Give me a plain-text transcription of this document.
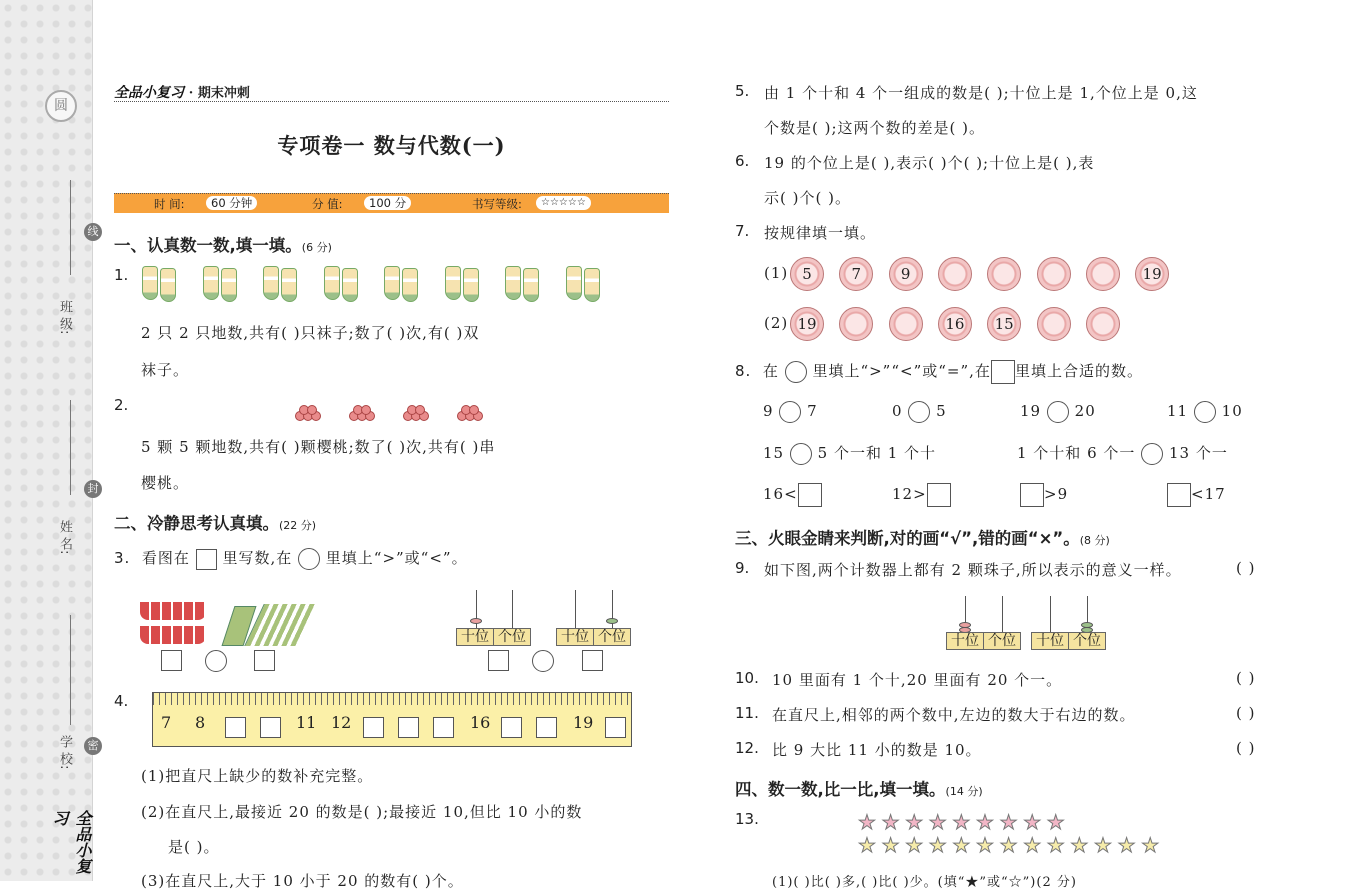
圆
班 级:
姓 名:
学 校:
全品小复习
线
封
密
全品小复习 · 期末冲刺
专项卷一 数与代数(一)
时 间:	60 分钟	分 值:	100 分	书写等级:	☆☆☆☆☆
一、认真数一数,填一填。(6 分)
1.
2 只 2 只地数,共有( )只袜子;数了( )次,有( )双
袜子。
2.
5 颗 5 颗地数,共有( )颗樱桃;数了( )次,共有( )串
樱桃。
二、冷静思考认真填。(22 分)
3. 看图在 里写数,在 里填上“>”或“<”。
十位 个位	十位 个位
4.
7 8	11 12	16	19
(1)把直尺上缺少的数补充完整。
(2)在直尺上,最接近 20 的数是( );最接近 10,但比 10 小的数
是( )。
(3)在直尺上,大于 10 小于 20 的数有( )个。
5. 由 1 个十和 4 个一组成的数是( );十位上是 1,个位上是 0,这
个数是( );这两个数的差是( )。
6. 19 的个位上是( ),表示( )个( );十位上是( ),表
示( )个( )。
7. 按规律填一填。
(1) 5	7	9	19
(2) 19	16	15
8. 在 里填上“>”“<”或“=”,在 里填上合适的数。
9 7	0 5	19 20	11 10
15 5 个一和 1 个十	1 个十和 6 个一 13 个一
16<	12>	>9	<17
三、火眼金睛来判断,对的画“√”,错的画“×”。(8 分)
9. 如下图,两个计数器上都有 2 颗珠子,所以表示的意义一样。	( )
十位 个位	十位 个位
10. 10 里面有 1 个十,20 里面有 20 个一。	( )
11. 在直尺上,相邻的两个数中,左边的数大于右边的数。	( )
12. 比 9 大比 11 小的数是 10。	( )
四、数一数,比一比,填一填。(14 分)
13.	★ ★ ★ ★ ★ ★ ★ ★ ★
★ ★ ★ ★ ★ ★ ★ ★ ★ ★ ★ ★ ★
(1)( )比( )多,( )比( )少。(填“★”或“☆”)(2 分)
